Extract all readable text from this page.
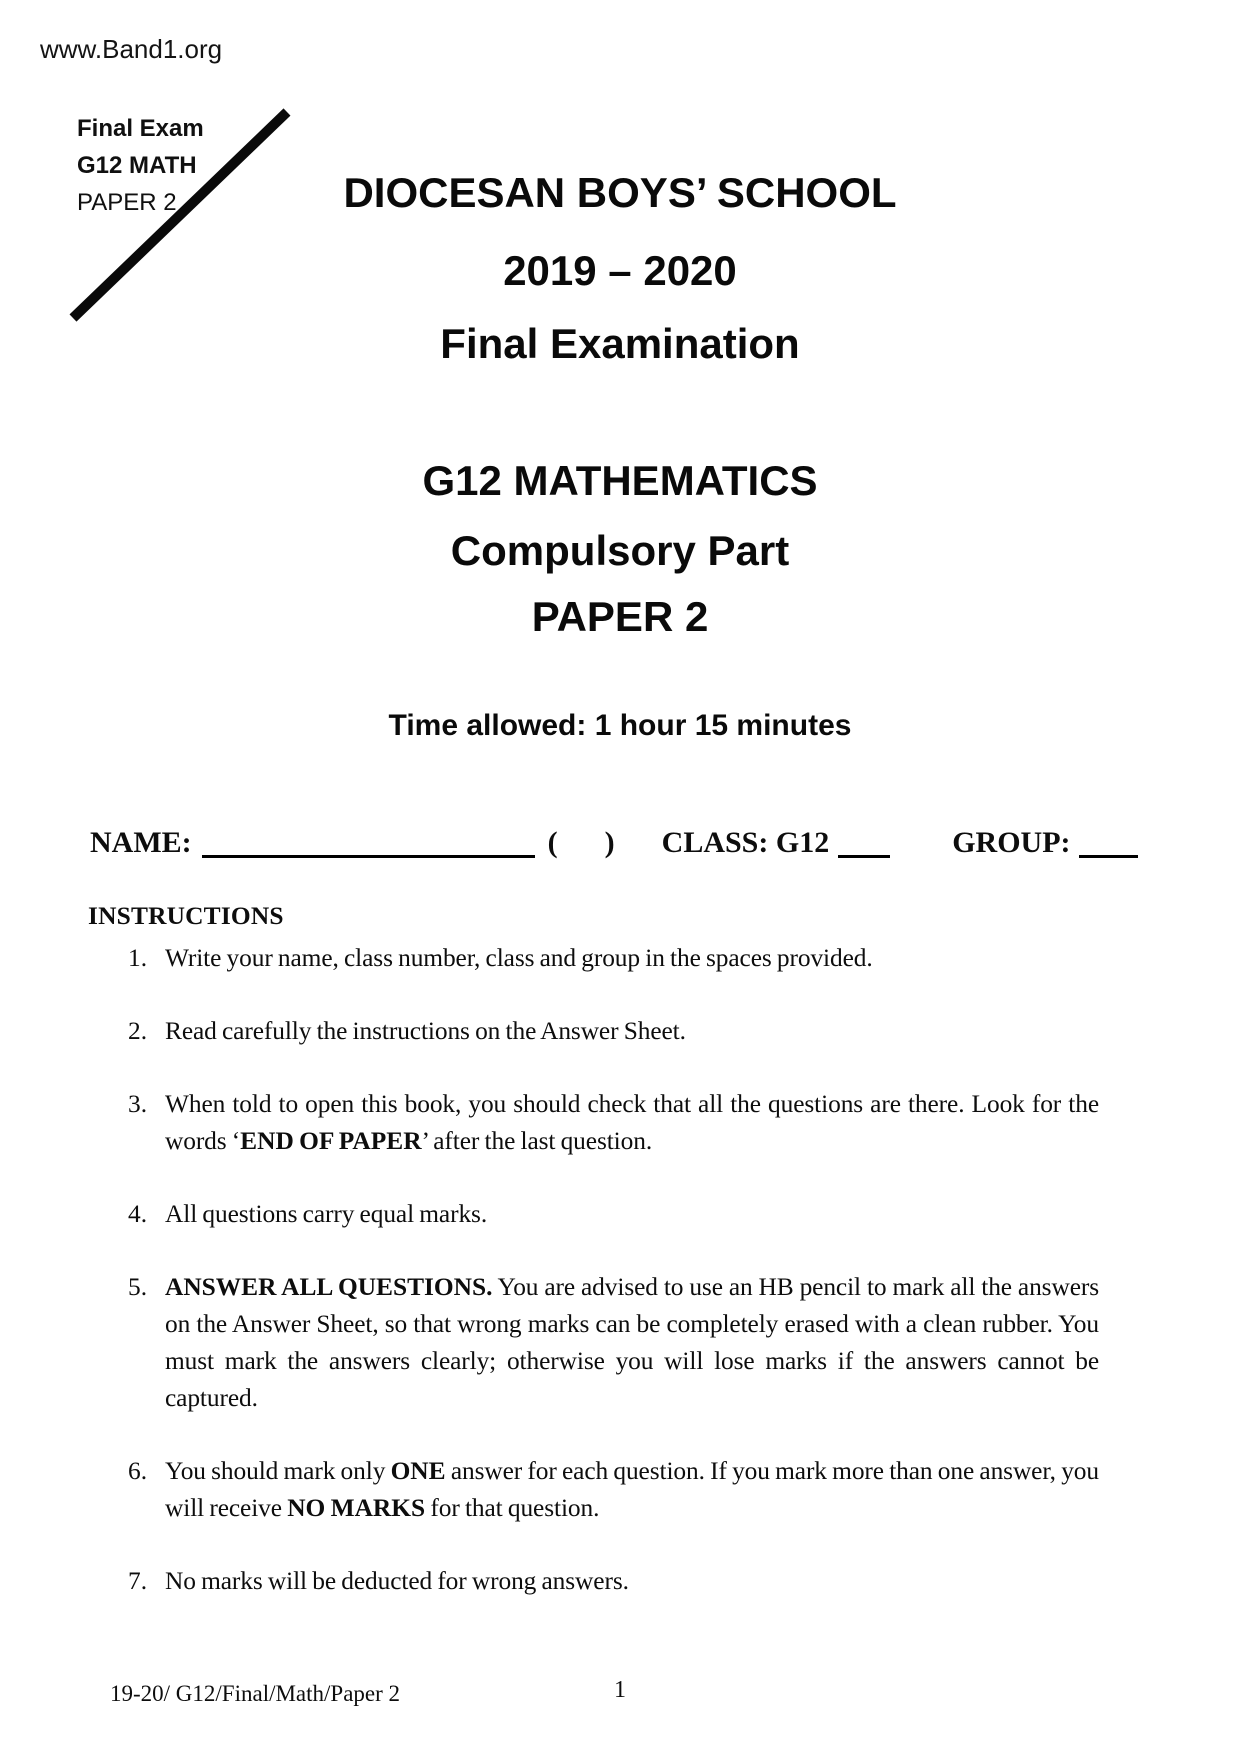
www.Band1.org
Final Exam
G12 MATH
PAPER 2	DIOCESAN BOYS’ SCHOOL
2019 – 2020
Final Examination
G12 MATHEMATICS
Compulsory Part
PAPER 2
Time allowed: 1 hour 15 minutes
NAME:	( ) CLASS: G12	GROUP:
INSTRUCTIONS
1. Write your name, class number, class and group in the spaces provided.
2. Read carefully the instructions on the Answer Sheet.
3. When told to open this book, you should check that all the questions are there. Look for the words ‘END OF PAPER’ after the last question.
4. All questions carry equal marks.
5. ANSWER ALL QUESTIONS. You are advised to use an HB pencil to mark all the answers on the Answer Sheet, so that wrong marks can be completely erased with a clean rubber. You must mark the answers clearly; otherwise you will lose marks if the answers cannot be captured.
6. You should mark only ONE answer for each question. If you mark more than one answer, you will receive NO MARKS for that question.
7. No marks will be deducted for wrong answers.
19-20/ G12/Final/Math/Paper 2	1
